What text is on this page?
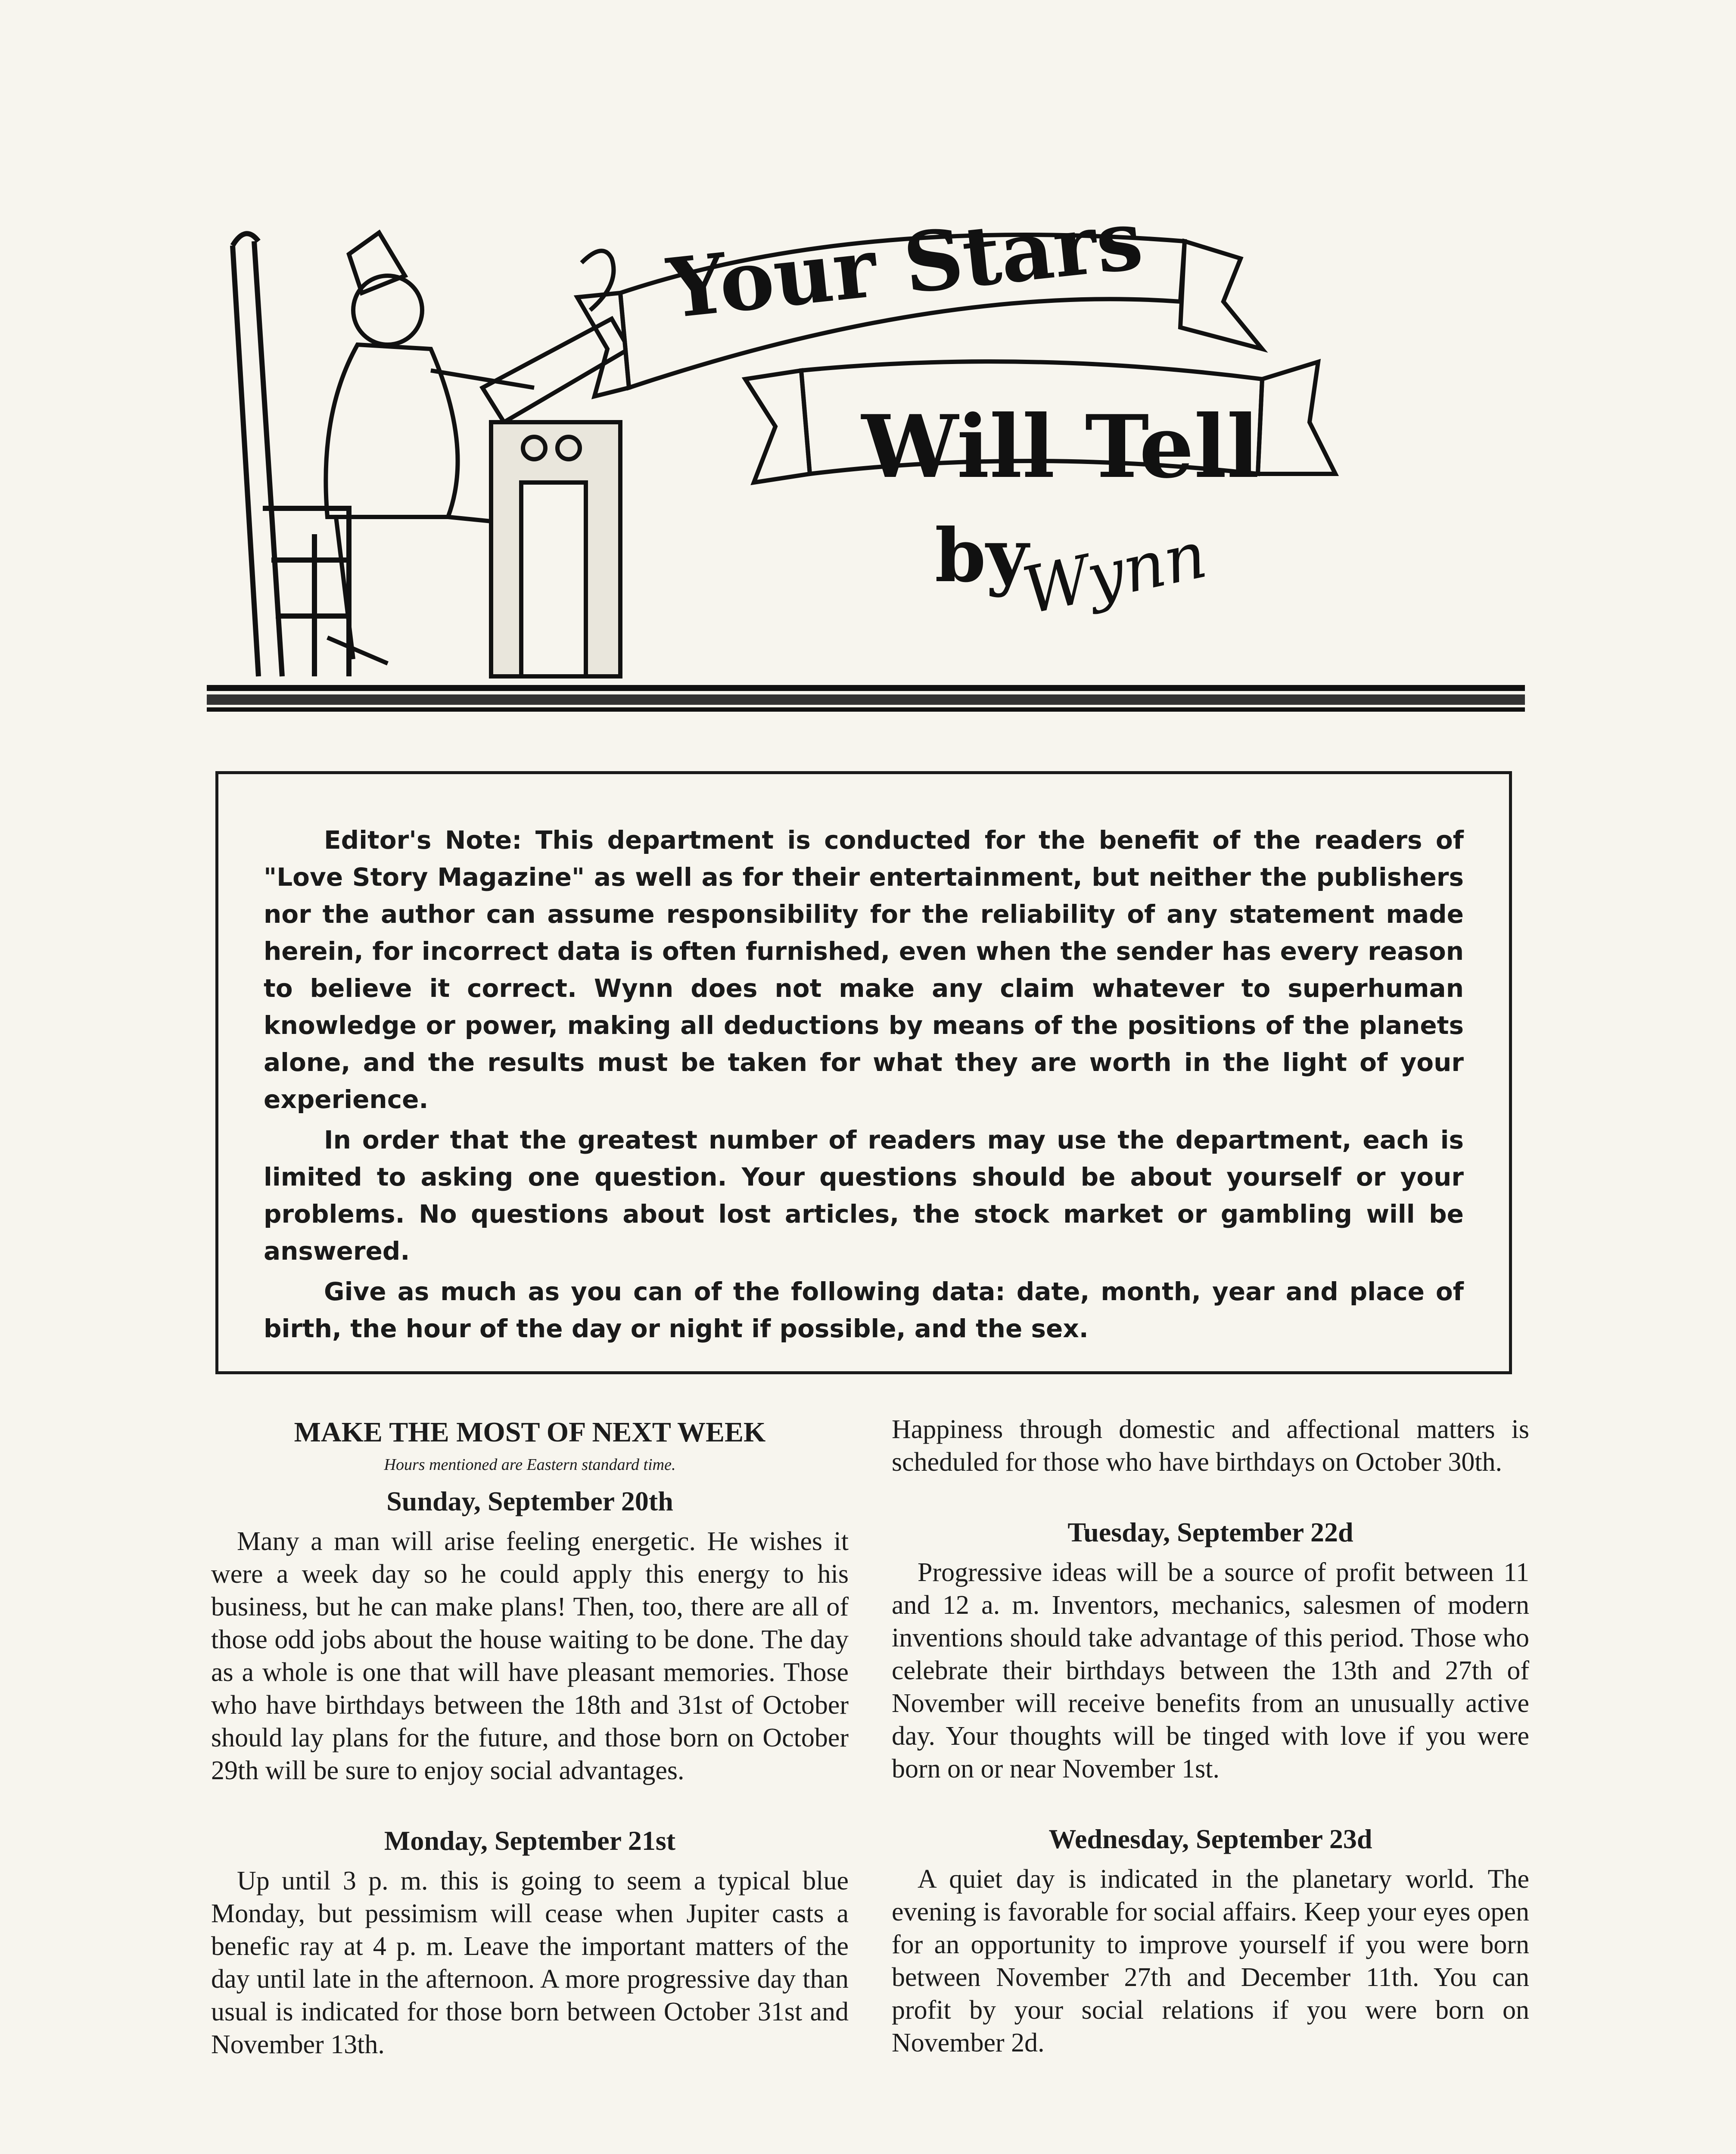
Your Stars
Will Tell
by
Wynn

Editor's Note: This department is conducted for the benefit of the readers of "Love Story Magazine" as well as for their entertainment, but neither the publishers nor the author can assume responsibility for the reliability of any statement made herein, for incorrect data is often furnished, even when the sender has every reason to believe it correct. Wynn does not make any claim whatever to superhuman knowledge or power, making all deductions by means of the positions of the planets alone, and the results must be taken for what they are worth in the light of your experience.

In order that the greatest number of readers may use the department, each is limited to asking one question. Your questions should be about yourself or your problems. No questions about lost articles, the stock market or gambling will be answered.

Give as much as you can of the following data: date, month, year and place of birth, the hour of the day or night if possible, and the sex.

MAKE THE MOST OF NEXT WEEK
Hours mentioned are Eastern standard time.
Sunday, September 20th

Many a man will arise feeling energetic. He wishes it were a week day so he could apply this energy to his business, but he can make plans! Then, too, there are all of those odd jobs about the house waiting to be done. The day as a whole is one that will have pleasant memories. Those who have birthdays between the 18th and 31st of October should lay plans for the future, and those born on October 29th will be sure to enjoy social advantages.

Monday, September 21st

Up until 3 p. m. this is going to seem a typical blue Monday, but pessimism will cease when Jupiter casts a benefic ray at 4 p. m. Leave the important matters of the day until late in the afternoon. A more progressive day than usual is indicated for those born between October 31st and November 13th.

Happiness through domestic and affectional matters is scheduled for those who have birthdays on October 30th.

Tuesday, September 22d

Progressive ideas will be a source of profit between 11 and 12 a. m. Inventors, mechanics, salesmen of modern inventions should take advantage of this period. Those who celebrate their birthdays between the 13th and 27th of November will receive benefits from an unusually active day. Your thoughts will be tinged with love if you were born on or near November 1st.

Wednesday, September 23d

A quiet day is indicated in the planetary world. The evening is favorable for social affairs. Keep your eyes open for an opportunity to improve yourself if you were born between November 27th and December 11th. You can profit by your social relations if you were born on November 2d.
